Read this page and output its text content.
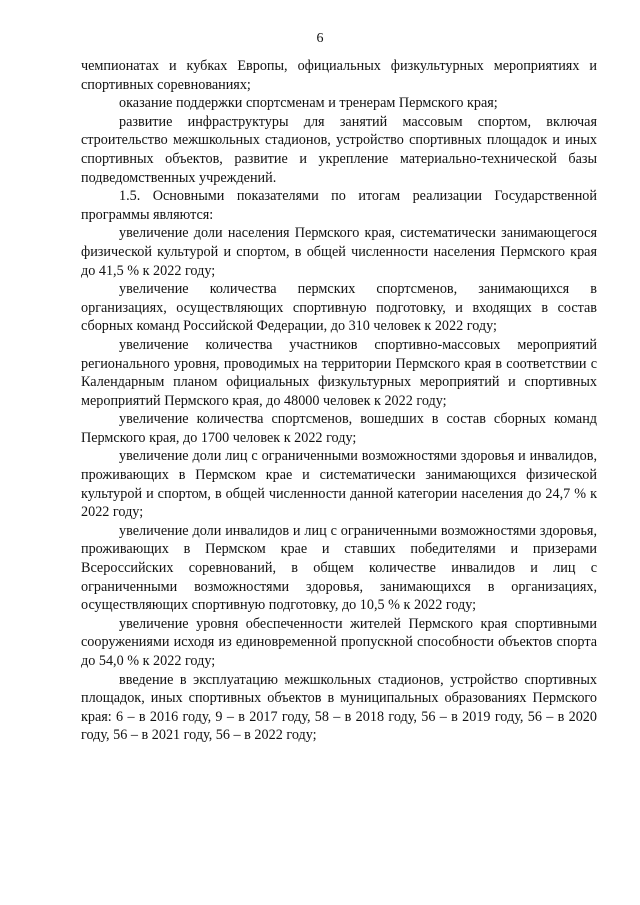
6

чемпионатах и кубках Европы, официальных физкультурных мероприятиях и спортивных соревнованиях;

оказание поддержки спортсменам и тренерам Пермского края;

развитие инфраструктуры для занятий массовым спортом, включая строительство межшкольных стадионов, устройство спортивных площадок и иных спортивных объектов, развитие и укрепление материально-технической базы подведомственных учреждений.

1.5. Основными показателями по итогам реализации Государственной программы являются:

увеличение доли населения Пермского края, систематически занимающегося физической культурой и спортом, в общей численности населения Пермского края до 41,5 % к 2022 году;

увеличение количества пермских спортсменов, занимающихся в организациях, осуществляющих спортивную подготовку, и входящих в состав сборных команд Российской Федерации, до 310 человек к 2022 году;

увеличение количества участников спортивно-массовых мероприятий регионального уровня, проводимых на территории Пермского края в соответствии с Календарным планом официальных физкультурных мероприятий и спортивных мероприятий Пермского края, до 48000 человек к 2022 году;

увеличение количества спортсменов, вошедших в состав сборных команд Пермского края, до 1700 человек к 2022 году;

увеличение доли лиц с ограниченными возможностями здоровья и инвалидов, проживающих в Пермском крае и систематически занимающихся физической культурой и спортом, в общей численности данной категории населения до 24,7 % к 2022 году;

увеличение доли инвалидов и лиц с ограниченными возможностями здоровья, проживающих в Пермском крае и ставших победителями и призерами Всероссийских соревнований, в общем количестве инвалидов и лиц с ограниченными возможностями здоровья, занимающихся в организациях, осуществляющих спортивную подготовку, до 10,5 % к 2022 году;

увеличение уровня обеспеченности жителей Пермского края спортивными сооружениями исходя из единовременной пропускной способности объектов спорта до 54,0 % к 2022 году;

введение в эксплуатацию межшкольных стадионов, устройство спортивных площадок, иных спортивных объектов в муниципальных образованиях Пермского края: 6 – в 2016 году, 9 – в 2017 году, 58 – в 2018 году, 56 – в 2019 году, 56 – в 2020 году, 56 – в 2021 году, 56 – в 2022 году;
